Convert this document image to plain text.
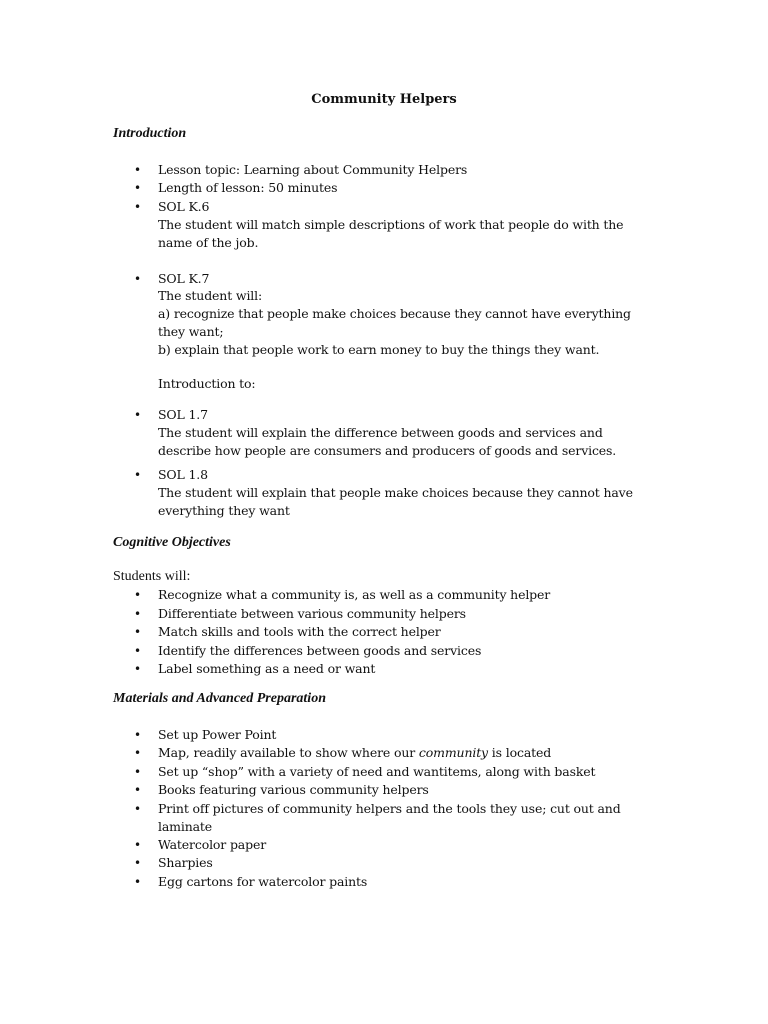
Community Helpers
Introduction
• Lesson topic: Learning about Community Helpers
• Length of lesson: 50 minutes
• SOL K.6
The student will match simple descriptions of work that people do with the
name of the job.
• SOL K.7
The student will:
a) recognize that people make choices because they cannot have everything
they want;
b) explain that people work to earn money to buy the things they want.
Introduction to:
• SOL 1.7
The student will explain the difference between goods and services and
describe how people are consumers and producers of goods and services.
• SOL 1.8
The student will explain that people make choices because they cannot have
everything they want
Cognitive Objectives
Students will:
• Recognize what a community is, as well as a community helper
• Differentiate between various community helpers
• Match skills and tools with the correct helper
• Identify the differences between goods and services
• Label something as a need or want
Materials and Advanced Preparation
• Set up Power Point
• Map, readily available to show where our community is located
• Set up “shop” with a variety of need and wantitems, along with basket
• Books featuring various community helpers
• Print off pictures of community helpers and the tools they use; cut out and
laminate
• Watercolor paper
• Sharpies
• Egg cartons for watercolor paints
